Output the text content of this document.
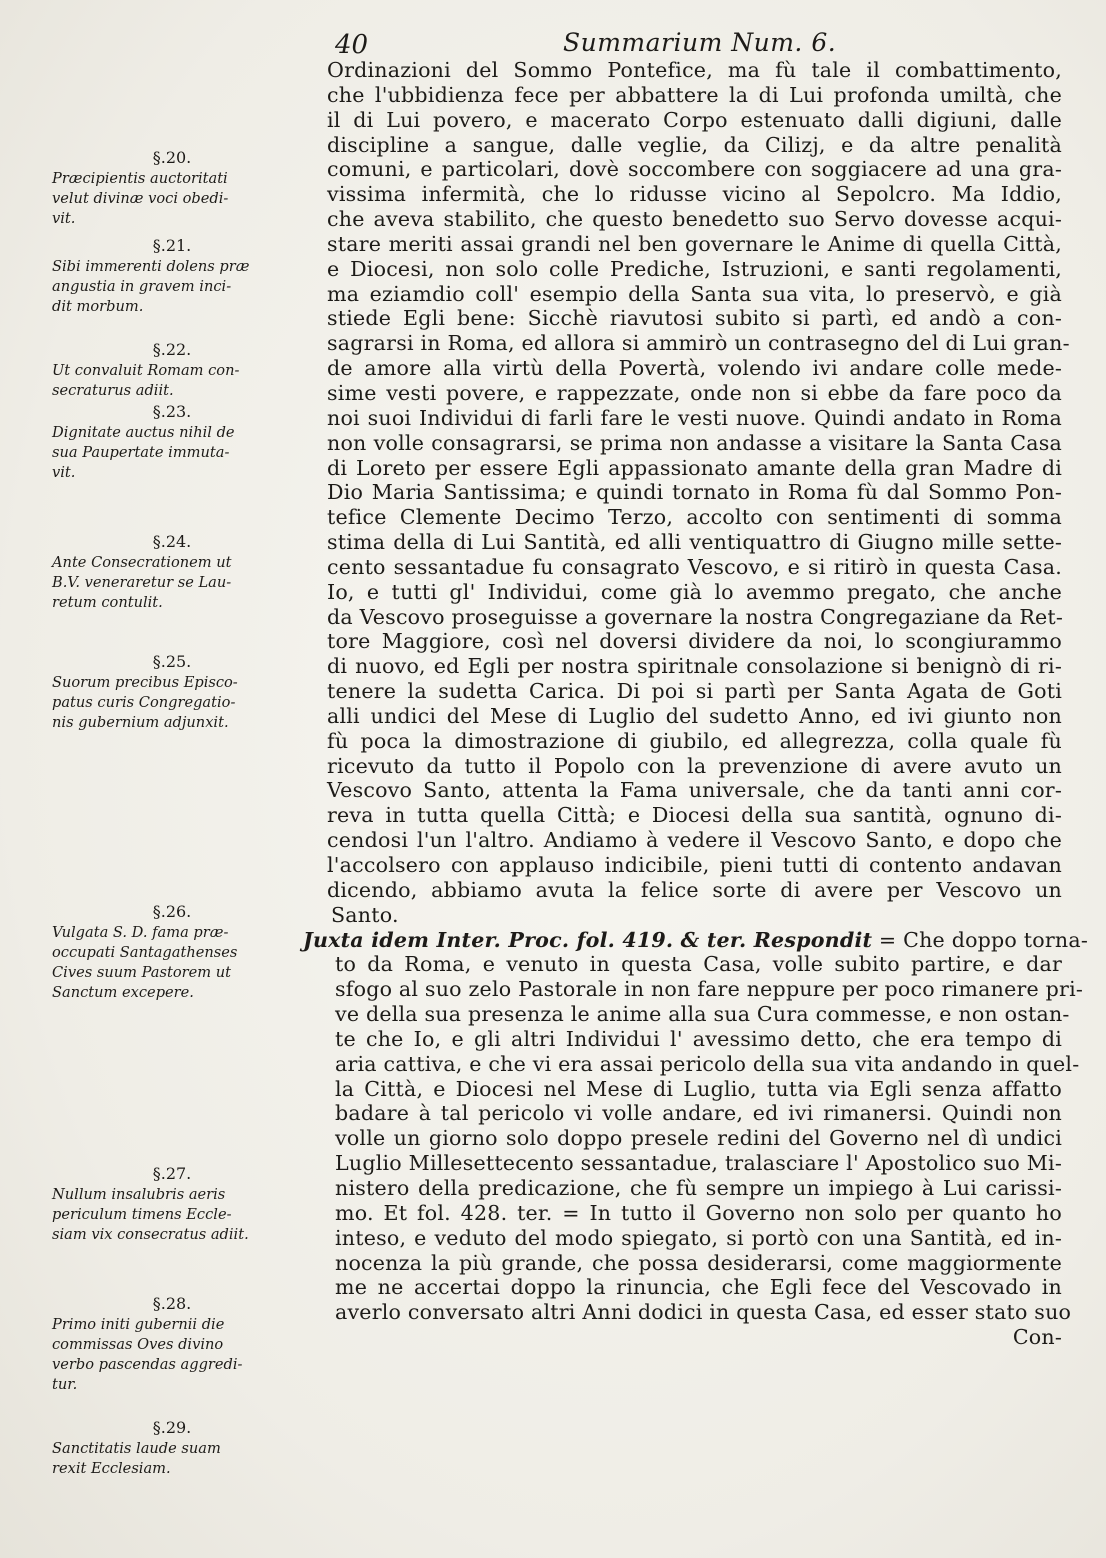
40	Summarium Num. 6.
Ordinazioni del Sommo Pontefice, ma fù tale il combattimento,
che l'ubbidienza fece per abbattere la di Lui profonda umiltà, che
il di Lui povero, e macerato Corpo estenuato dalli digiuni, dalle
discipline a sangue, dalle veglie, da Cilizj, e da altre penalità
comuni, e particolari, dovè soccombere con soggiacere ad una gra-
vissima infermità, che lo ridusse vicino al Sepolcro. Ma Iddio,
che aveva stabilito, che questo benedetto suo Servo dovesse acqui-
stare meriti assai grandi nel ben governare le Anime di quella Città,
e Diocesi, non solo colle Prediche, Istruzioni, e santi regolamenti,
ma eziamdio coll' esempio della Santa sua vita, lo preservò, e già
stiede Egli bene: Sicchè riavutosi subito si partì, ed andò a con-
sagrarsi in Roma, ed allora si ammirò un contrasegno del di Lui gran-
de amore alla virtù della Povertà, volendo ivi andare colle mede-
sime vesti povere, e rappezzate, onde non si ebbe da fare poco da
noi suoi Individui di farli fare le vesti nuove. Quindi andato in Roma
non volle consagrarsi, se prima non andasse a visitare la Santa Casa
di Loreto per essere Egli appassionato amante della gran Madre di
Dio Maria Santissima; e quindi tornato in Roma fù dal Sommo Pon-
tefice Clemente Decimo Terzo, accolto con sentimenti di somma
stima della di Lui Santità, ed alli ventiquattro di Giugno mille sette-
cento sessantadue fu consagrato Vescovo, e si ritirò in questa Casa.
Io, e tutti gl' Individui, come già lo avemmo pregato, che anche
da Vescovo proseguisse a governare la nostra Congregaziane da Ret-
tore Maggiore, così nel doversi dividere da noi, lo scongiurammo
di nuovo, ed Egli per nostra spiritnale consolazione si benignò di ri-
tenere la sudetta Carica. Di poi si partì per Santa Agata de Goti
alli undici del Mese di Luglio del sudetto Anno, ed ivi giunto non
fù poca la dimostrazione di giubilo, ed allegrezza, colla quale fù
ricevuto da tutto il Popolo con la prevenzione di avere avuto un
Vescovo Santo, attenta la Fama universale, che da tanti anni cor-
reva in tutta quella Città; e Diocesi della sua santità, ognuno di-
cendosi l'un l'altro. Andiamo à vedere il Vescovo Santo, e dopo che
l'accolsero con applauso indicibile, pieni tutti di contento andavan
dicendo, abbiamo avuta la felice sorte di avere per Vescovo un
Santo.
Juxta idem Inter. Proc. fol. 419. & ter. Respondit = Che doppo torna-
to da Roma, e venuto in questa Casa, volle subito partire, e dar
sfogo al suo zelo Pastorale in non fare neppure per poco rimanere pri-
ve della sua presenza le anime alla sua Cura commesse, e non ostan-
te che Io, e gli altri Individui l' avessimo detto, che era tempo di
aria cattiva, e che vi era assai pericolo della sua vita andando in quel-
la Città, e Diocesi nel Mese di Luglio, tutta via Egli senza affatto
badare à tal pericolo vi volle andare, ed ivi rimanersi. Quindi non
volle un giorno solo doppo presele redini del Governo nel dì undici
Luglio Millesettecento sessantadue, tralasciare l' Apostolico suo Mi-
nistero della predicazione, che fù sempre un impiego à Lui carissi-
mo. Et fol. 428. ter. = In tutto il Governo non solo per quanto ho
inteso, e veduto del modo spiegato, si portò con una Santità, ed in-
nocenza la più grande, che possa desiderarsi, come maggiormente
me ne accertai doppo la rinuncia, che Egli fece del Vescovado in
averlo conversato altri Anni dodici in questa Casa, ed esser stato suo
Con-
§.20.
Præcipientis auctoritati
velut divinæ voci obedi-
vit.
§.21.
Sibi immerenti dolens præ
angustia in gravem inci-
dit morbum.
§.22.
Ut convaluit Romam con-
secraturus adiit.
§.23.
Dignitate auctus nihil de
sua Paupertate immuta-
vit.
§.24.
Ante Consecrationem ut
B.V. veneraretur se Lau-
retum contulit.
§.25.
Suorum precibus Episco-
patus curis Congregatio-
nis gubernium adjunxit.
§.26.
Vulgata S. D. fama præ-
occupati Santagathenses
Cives suum Pastorem ut
Sanctum excepere.
§.27.
Nullum insalubris aeris
periculum timens Eccle-
siam vix consecratus adiit.
§.28.
Primo initi gubernii die
commissas Oves divino
verbo pascendas aggredi-
tur.
§.29.
Sanctitatis laude suam
rexit Ecclesiam.
